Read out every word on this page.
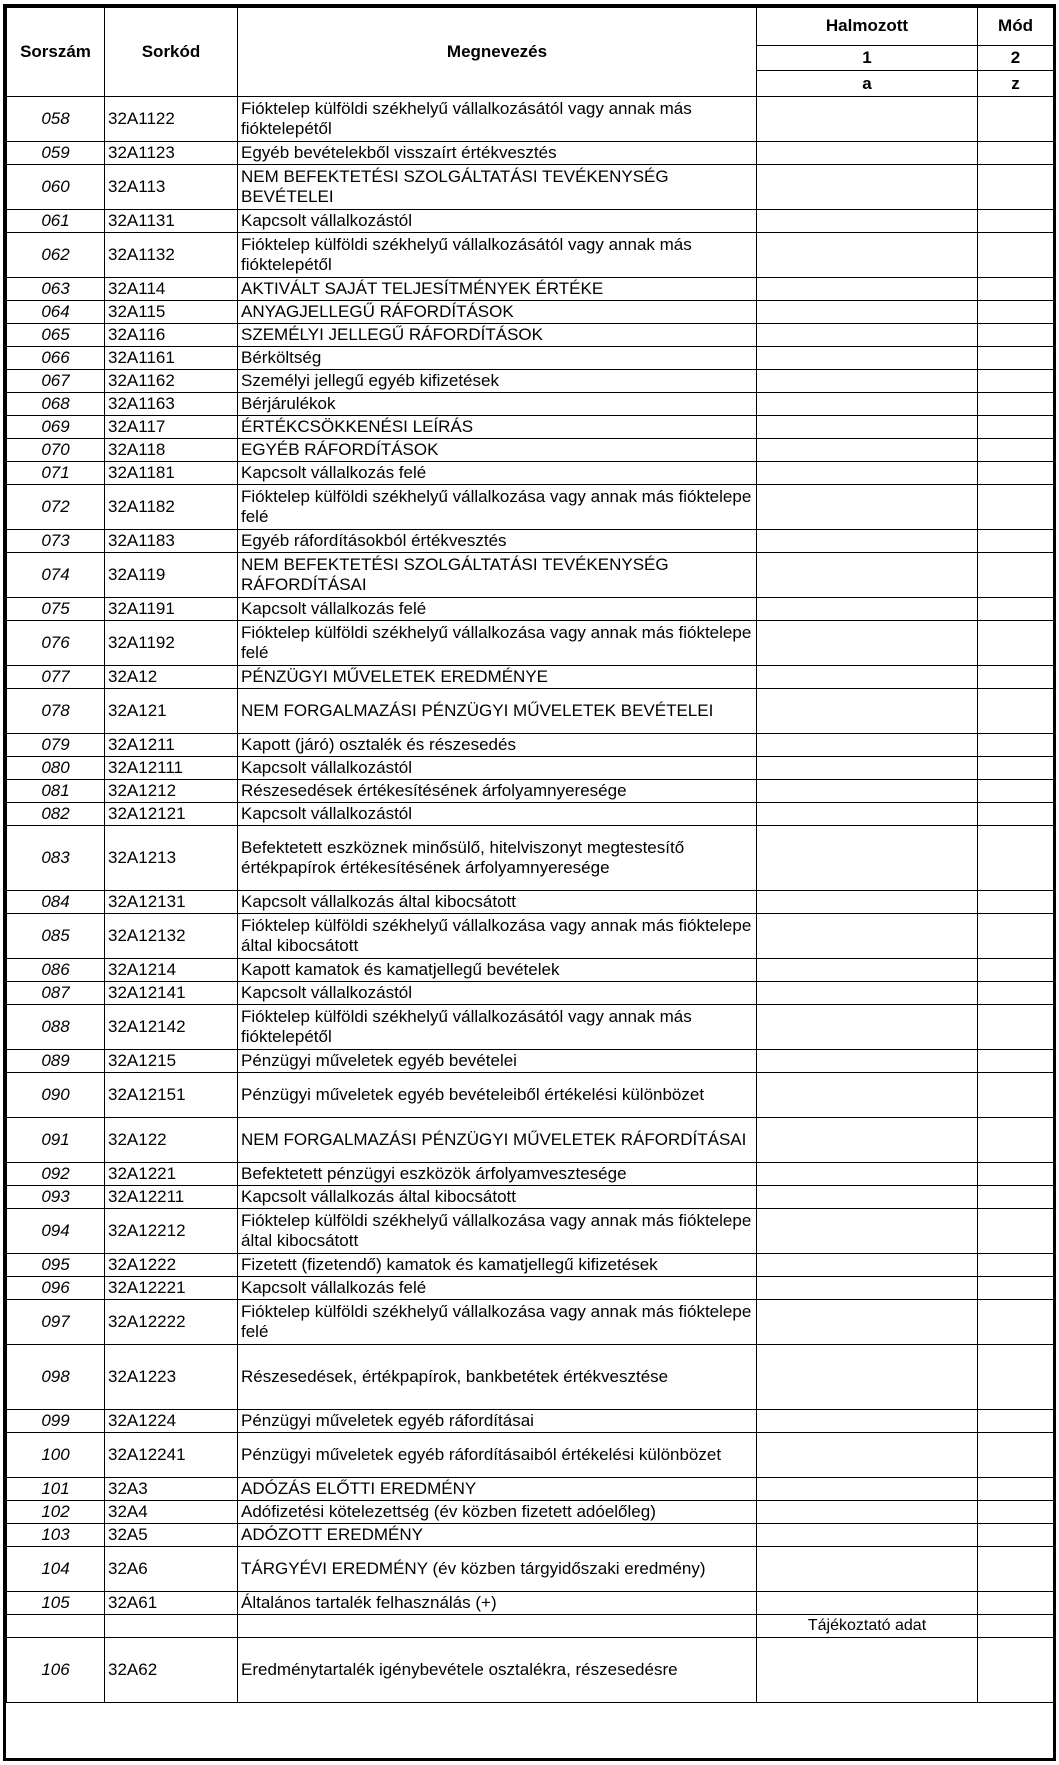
Sorszám	Sorkód	Megnevezés	Halmozott	Mód
			1	2
			a	z
058	32A1122	Fióktelep külföldi székhelyű vállalkozásától vagy annak más fióktelepétől		
059	32A1123	Egyéb bevételekből visszaírt értékvesztés		
060	32A113	NEM BEFEKTETÉSI SZOLGÁLTATÁSI TEVÉKENYSÉG BEVÉTELEI		
061	32A1131	Kapcsolt vállalkozástól		
062	32A1132	Fióktelep külföldi székhelyű vállalkozásától vagy annak más fióktelepétől		
063	32A114	AKTIVÁLT SAJÁT TELJESÍTMÉNYEK ÉRTÉKE		
064	32A115	ANYAGJELLEGŰ RÁFORDÍTÁSOK		
065	32A116	SZEMÉLYI JELLEGŰ RÁFORDÍTÁSOK		
066	32A1161	Bérköltség		
067	32A1162	Személyi jellegű egyéb kifizetések		
068	32A1163	Bérjárulékok		
069	32A117	ÉRTÉKCSÖKKENÉSI LEÍRÁS		
070	32A118	EGYÉB RÁFORDÍTÁSOK		
071	32A1181	Kapcsolt vállalkozás felé		
072	32A1182	Fióktelep külföldi székhelyű vállalkozása vagy annak más fióktelepe felé		
073	32A1183	Egyéb ráfordításokból értékvesztés		
074	32A119	NEM BEFEKTETÉSI SZOLGÁLTATÁSI TEVÉKENYSÉG RÁFORDÍTÁSAI		
075	32A1191	Kapcsolt vállalkozás felé		
076	32A1192	Fióktelep külföldi székhelyű vállalkozása vagy annak más fióktelepe felé		
077	32A12	PÉNZÜGYI MŰVELETEK EREDMÉNYE		
078	32A121	NEM FORGALMAZÁSI PÉNZÜGYI MŰVELETEK BEVÉTELEI		
079	32A1211	Kapott (járó) osztalék és részesedés		
080	32A12111	Kapcsolt vállalkozástól		
081	32A1212	Részesedések értékesítésének árfolyamnyeresége		
082	32A12121	Kapcsolt vállalkozástól		
083	32A1213	Befektetett eszköznek minősülő, hitelviszonyt megtestesítő értékpapírok értékesítésének árfolyamnyeresége		
084	32A12131	Kapcsolt vállalkozás által kibocsátott		
085	32A12132	Fióktelep külföldi székhelyű vállalkozása vagy annak más fióktelepe által kibocsátott		
086	32A1214	Kapott kamatok és kamatjellegű bevételek		
087	32A12141	Kapcsolt vállalkozástól		
088	32A12142	Fióktelep külföldi székhelyű vállalkozásától vagy annak más fióktelepétől		
089	32A1215	Pénzügyi műveletek egyéb bevételei		
090	32A12151	Pénzügyi műveletek egyéb bevételeiből értékelési különbözet		
091	32A122	NEM FORGALMAZÁSI PÉNZÜGYI MŰVELETEK RÁFORDÍTÁSAI		
092	32A1221	Befektetett pénzügyi eszközök árfolyamvesztesége		
093	32A12211	Kapcsolt vállalkozás által kibocsátott		
094	32A12212	Fióktelep külföldi székhelyű vállalkozása vagy annak más fióktelepe által kibocsátott		
095	32A1222	Fizetett (fizetendő) kamatok és kamatjellegű kifizetések		
096	32A12221	Kapcsolt vállalkozás felé		
097	32A12222	Fióktelep külföldi székhelyű vállalkozása vagy annak más fióktelepe felé		
098	32A1223	Részesedések, értékpapírok, bankbetétek értékvesztése		
099	32A1224	Pénzügyi műveletek egyéb ráfordításai		
100	32A12241	Pénzügyi műveletek egyéb ráfordításaiból értékelési különbözet		
101	32A3	ADÓZÁS ELŐTTI EREDMÉNY		
102	32A4	Adófizetési kötelezettség (év közben fizetett adóelőleg)		
103	32A5	ADÓZOTT EREDMÉNY		
104	32A6	TÁRGYÉVI EREDMÉNY (év közben tárgyidőszaki eredmény)		
105	32A61	Általános tartalék felhasználás (+)		
			Tájékoztató adat	
106	32A62	Eredménytartalék igénybevétele osztalékra, részesedésre		
